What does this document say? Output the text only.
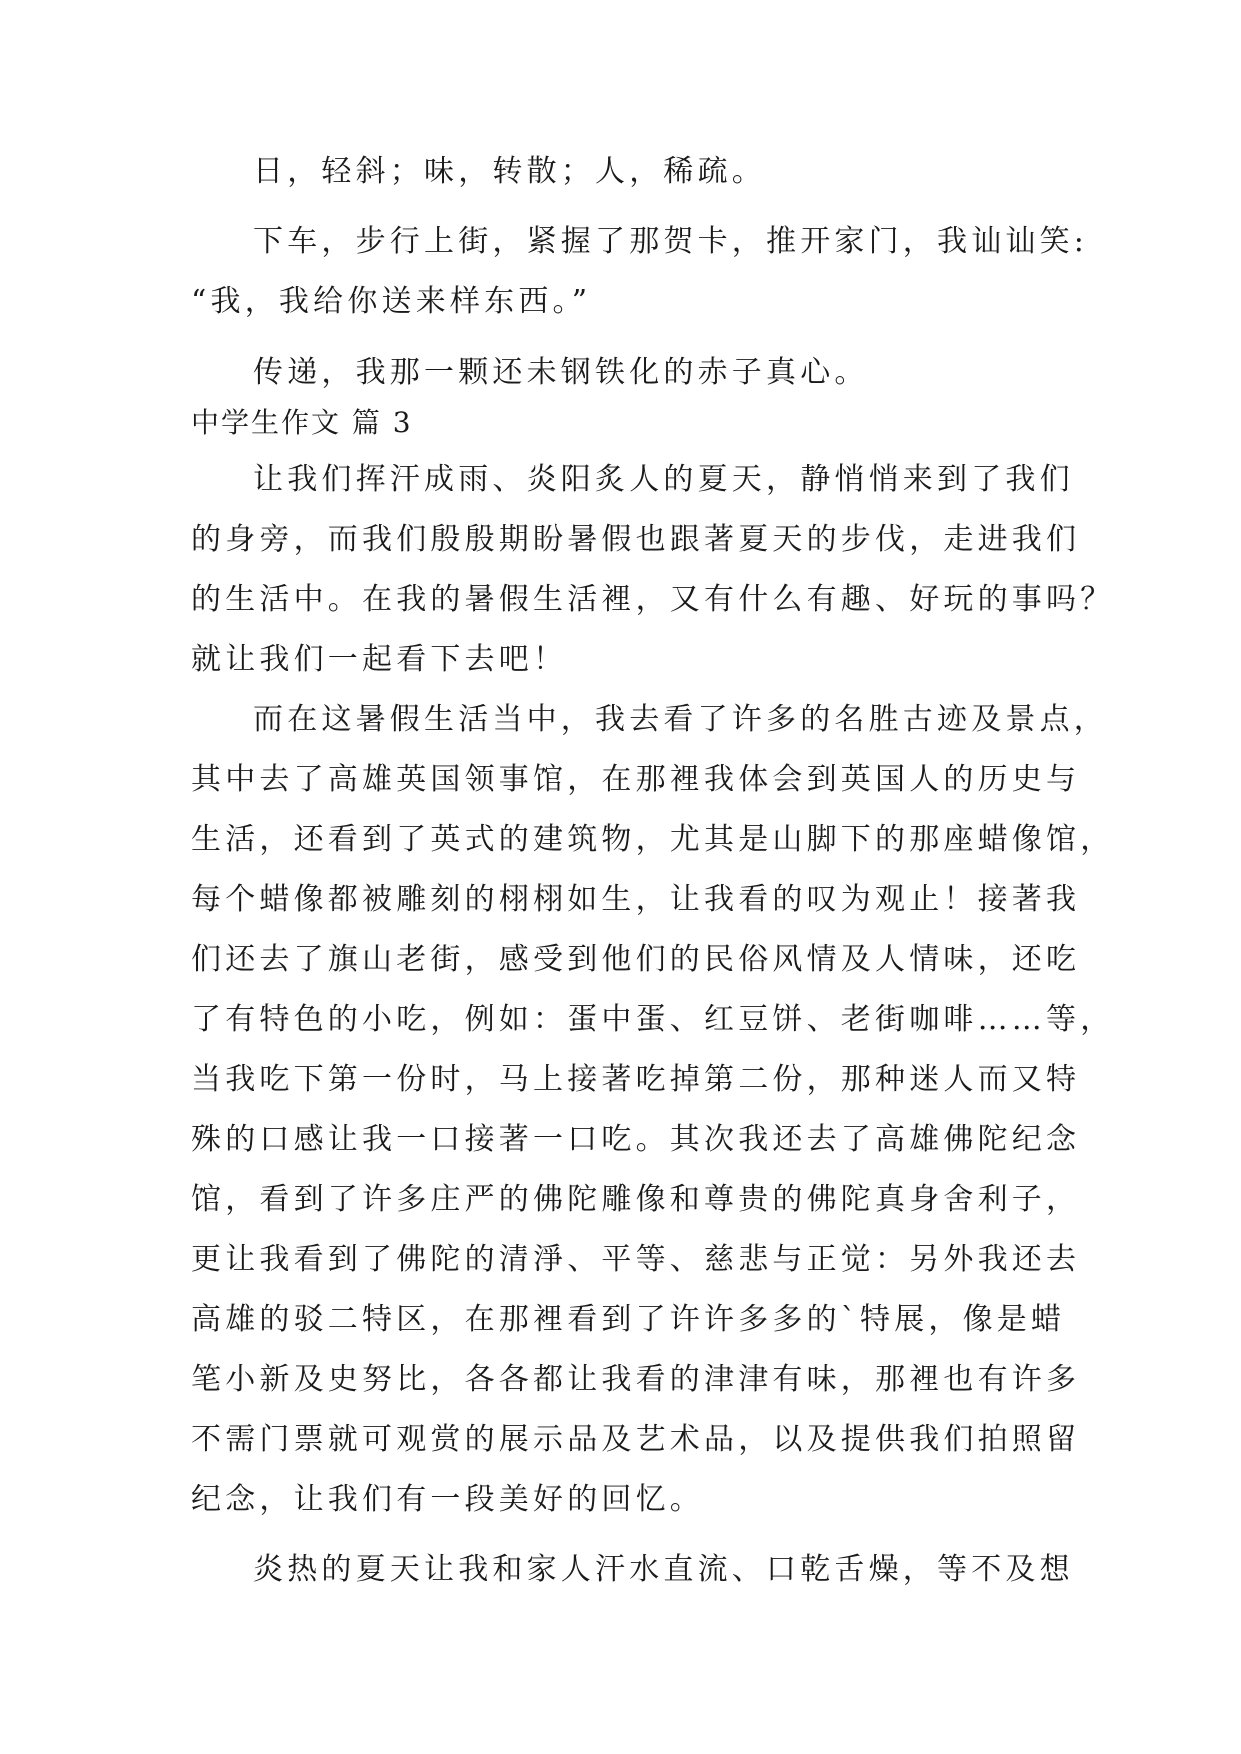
日，轻斜；味，转散；人，稀疏。
下车，步行上街，紧握了那贺卡，推开家门，我讪讪笑:
“我，我给你送来样东西。”
传递，我那一颗还未钢铁化的赤子真心。
中学生作文 篇 3
让我们挥汗成雨、炎阳炙人的夏天，静悄悄来到了我们
的身旁，而我们殷殷期盼暑假也跟著夏天的步伐，走进我们
的生活中。在我的暑假生活裡，又有什么有趣、好玩的事吗？
就让我们一起看下去吧！
而在这暑假生活当中，我去看了许多的名胜古迹及景点，
其中去了高雄英国领事馆，在那裡我体会到英国人的历史与
生活，还看到了英式的建筑物，尤其是山脚下的那座蜡像馆，
每个蜡像都被雕刻的栩栩如生，让我看的叹为观止！接著我
们还去了旗山老街，感受到他们的民俗风情及人情味，还吃
了有特色的小吃，例如：蛋中蛋、红豆饼、老街咖啡……等，
当我吃下第一份时，马上接著吃掉第二份，那种迷人而又特
殊的口感让我一口接著一口吃。其次我还去了高雄佛陀纪念
馆，看到了许多庄严的佛陀雕像和尊贵的佛陀真身舍利子，
更让我看到了佛陀的清淨、平等、慈悲与正觉：另外我还去
高雄的驳二特区，在那裡看到了许许多多的`特展，像是蜡
笔小新及史努比，各各都让我看的津津有味，那裡也有许多
不需门票就可观赏的展示品及艺术品，以及提供我们拍照留
纪念，让我们有一段美好的回忆。
炎热的夏天让我和家人汗水直流、口乾舌燥，等不及想
